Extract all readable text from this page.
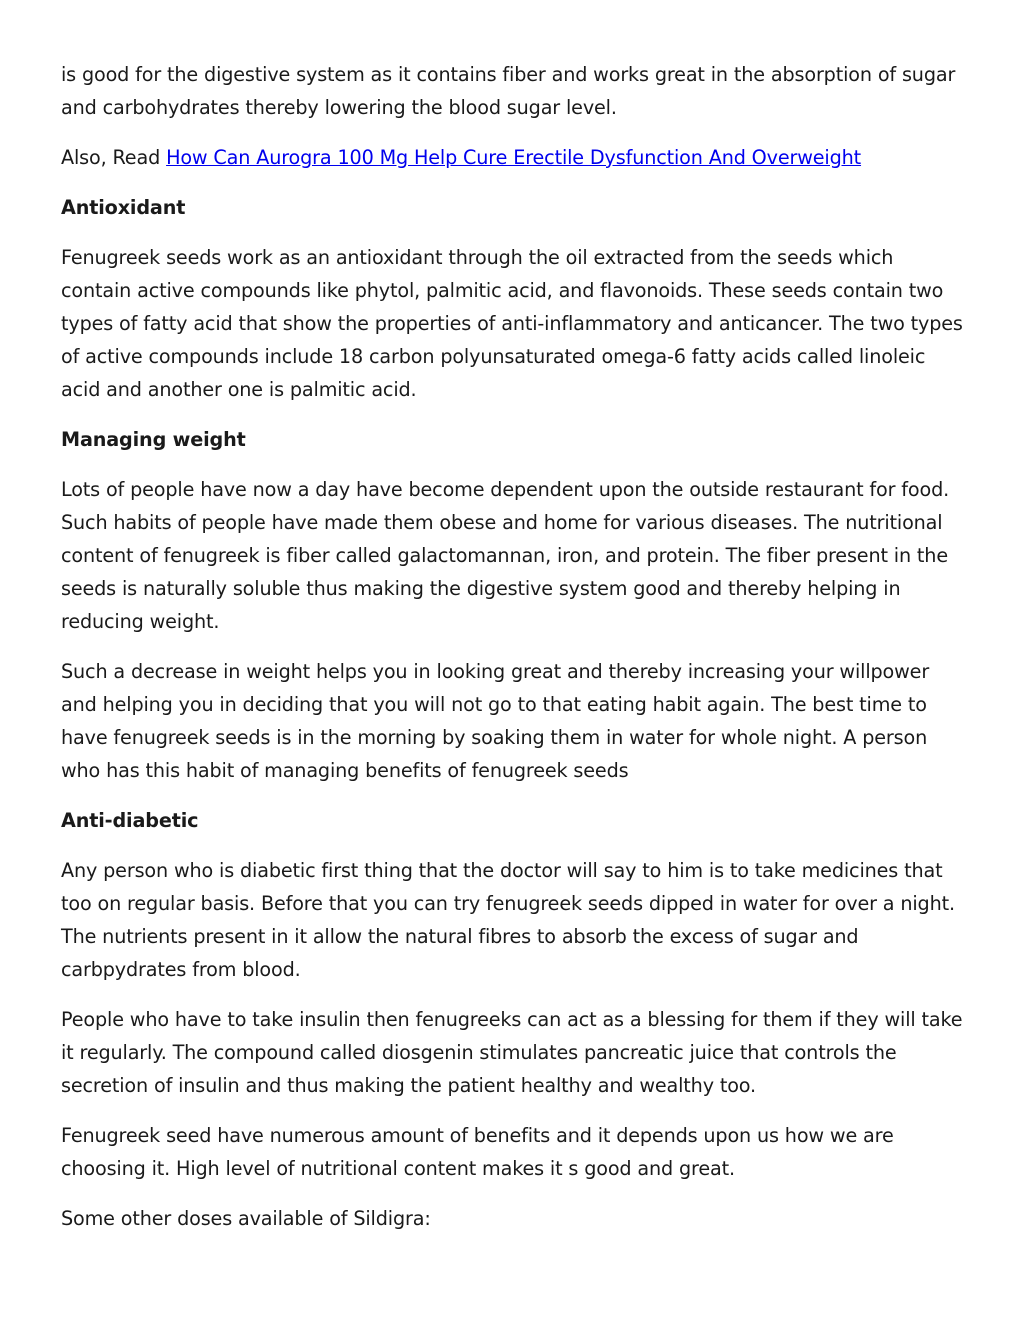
is good for the digestive system as it contains fiber and works great in the absorption of sugar and carbohydrates thereby lowering the blood sugar level.

Also, Read How Can Aurogra 100 Mg Help Cure Erectile Dysfunction And Overweight

Antioxidant

Fenugreek seeds work as an antioxidant through the oil extracted from the seeds which contain active compounds like phytol, palmitic acid, and flavonoids. These seeds contain two types of fatty acid that show the properties of anti-inflammatory and anticancer. The two types of active compounds include 18 carbon polyunsaturated omega-6 fatty acids called linoleic acid and another one is palmitic acid.

Managing weight

Lots of people have now a day have become dependent upon the outside restaurant for food. Such habits of people have made them obese and home for various diseases. The nutritional content of fenugreek is fiber called galactomannan, iron, and protein. The fiber present in the seeds is naturally soluble thus making the digestive system good and thereby helping in reducing weight.

Such a decrease in weight helps you in looking great and thereby increasing your willpower and helping you in deciding that you will not go to that eating habit again. The best time to have fenugreek seeds is in the morning by soaking them in water for whole night. A person who has this habit of managing benefits of fenugreek seeds

Anti-diabetic

Any person who is diabetic first thing that the doctor will say to him is to take medicines that too on regular basis. Before that you can try fenugreek seeds dipped in water for over a night. The nutrients present in it allow the natural fibres to absorb the excess of sugar and carbpydrates from blood.

People who have to take insulin then fenugreeks can act as a blessing for them if they will take it regularly. The compound called diosgenin stimulates pancreatic juice that controls the secretion of insulin and thus making the patient healthy and wealthy too.

Fenugreek seed have numerous amount of benefits and it depends upon us how we are choosing it. High level of nutritional content makes it s good and great.

Some other doses available of Sildigra:
